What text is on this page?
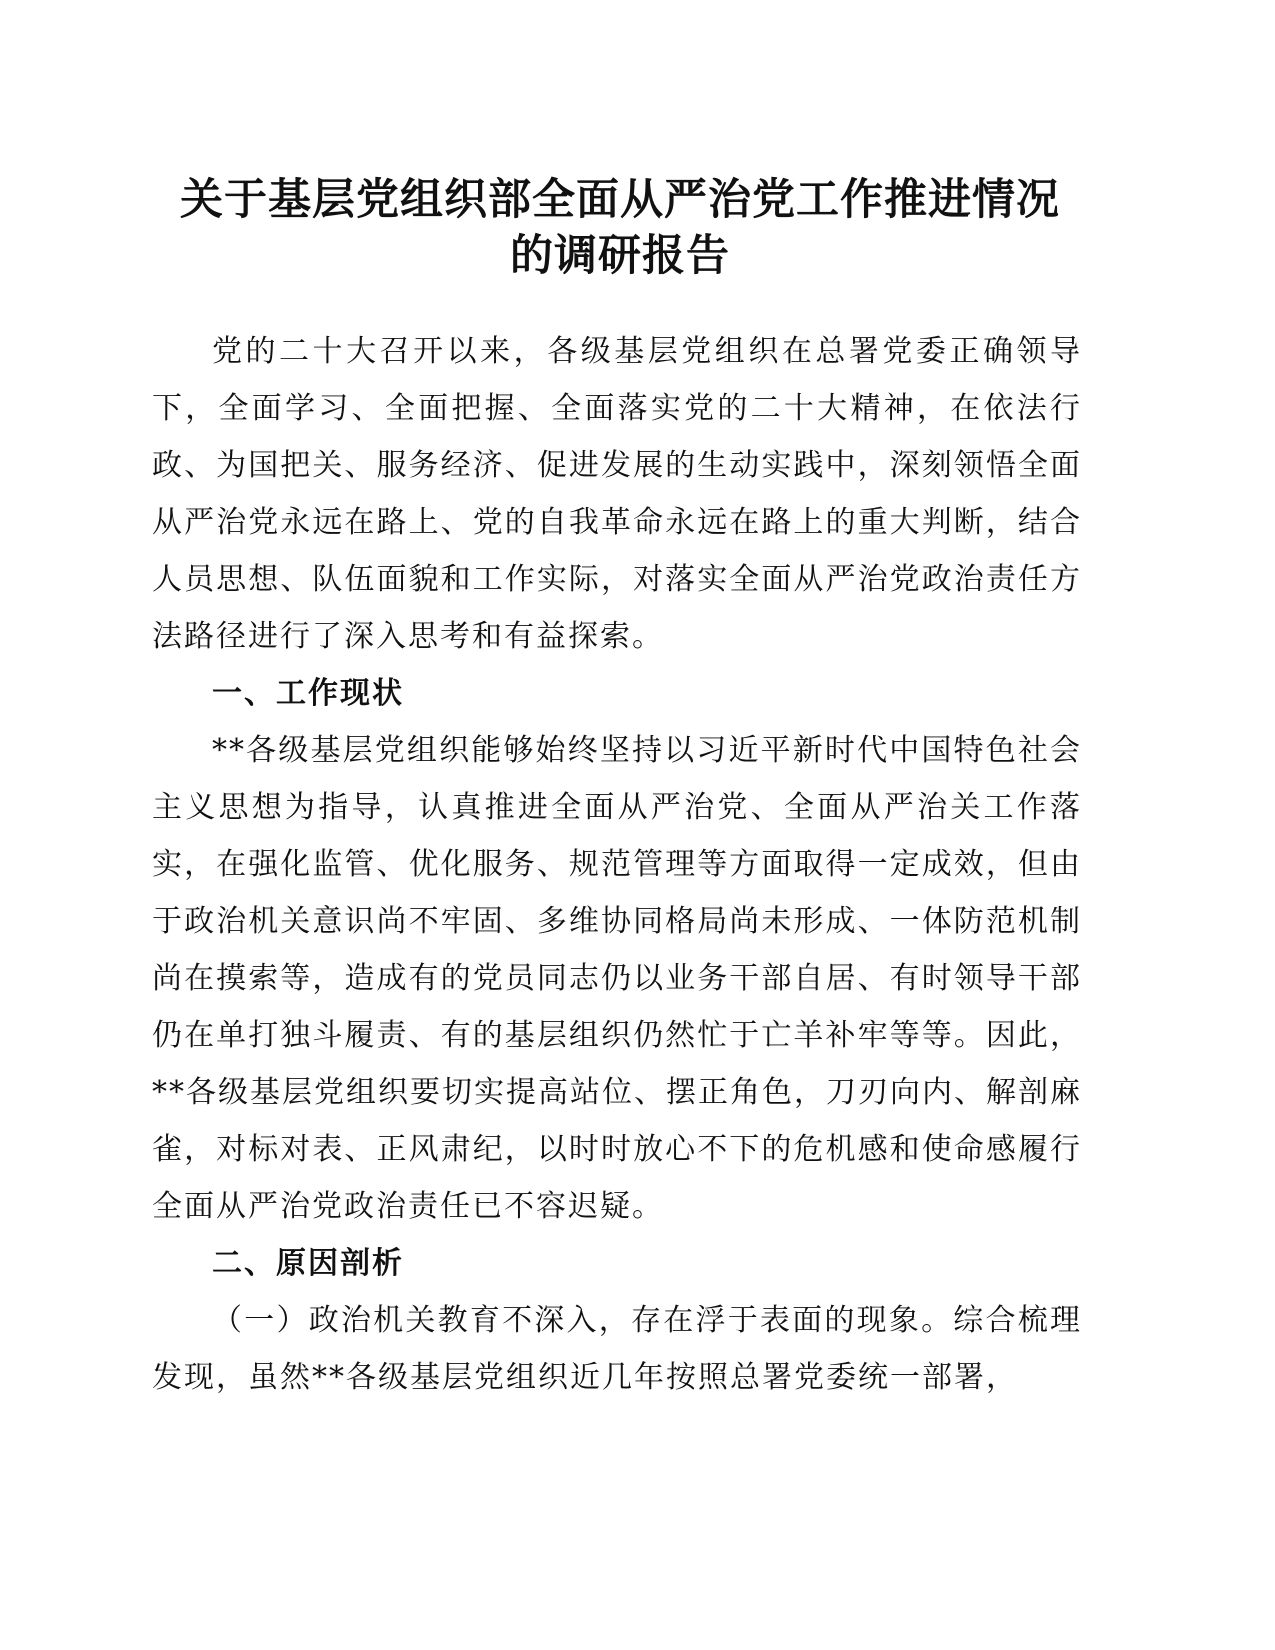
关于基层党组织部全面从严治党工作推进情况
的调研报告

党的二十大召开以来，各级基层党组织在总署党委正确领导下，全面学习、全面把握、全面落实党的二十大精神，在依法行政、为国把关、服务经济、促进发展的生动实践中，深刻领悟全面从严治党永远在路上、党的自我革命永远在路上的重大判断，结合人员思想、队伍面貌和工作实际，对落实全面从严治党政治责任方法路径进行了深入思考和有益探索。

一、工作现状

**各级基层党组织能够始终坚持以习近平新时代中国特色社会主义思想为指导，认真推进全面从严治党、全面从严治关工作落实，在强化监管、优化服务、规范管理等方面取得一定成效，但由于政治机关意识尚不牢固、多维协同格局尚未形成、一体防范机制尚在摸索等，造成有的党员同志仍以业务干部自居、有时领导干部仍在单打独斗履责、有的基层组织仍然忙于亡羊补牢等等。因此，**各级基层党组织要切实提高站位、摆正角色，刀刃向内、解剖麻雀，对标对表、正风肃纪，以时时放心不下的危机感和使命感履行全面从严治党政治责任已不容迟疑。

二、原因剖析

（一）政治机关教育不深入，存在浮于表面的现象。综合梳理发现，虽然**各级基层党组织近几年按照总署党委统一部署，
